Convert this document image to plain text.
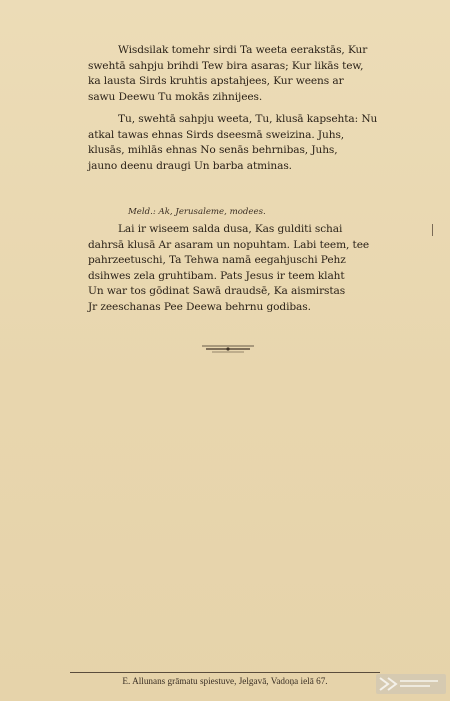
Wisdsilak tomehr sirdi Ta weeta eerakstās, Kur
swehtā sahpju brihdi Tew bira asaras; Kur likās tew,
ka lausta Sirds kruhtis apstahjees, Kur weens ar
sawu Deewu Tu mokās zihnijees.
Tu, swehtā sahpju weeta, Tu, klusā kapsehta: Nu
atkal tawas ehnas Sirds dseesmā sweizina. Juhs,
klusās, mihlās ehnas No senās behrnibas, Juhs,
jauno deenu draugi Un barba atminas.
Meld.: Ak, Jerusaleme, modees.
Lai ir wiseem salda dusa, Kas gulditi schai
dahrsā klusā Ar asaram un nopuhtam. Labi teem, tee
pahrzeetuschi, Ta Tehwa namā eegahjuschi Pehz
dsihwes zela gruhtibam. Pats Jesus ir teem klaht
Un war tos gōdinat Sawā draudsē, Ka aismirstas
Jr zeeschanas Pee Deewa behrnu godibas.
E. Allunans grāmatu spiestuve, Jelgavā, Vadoņa ielā 67.
